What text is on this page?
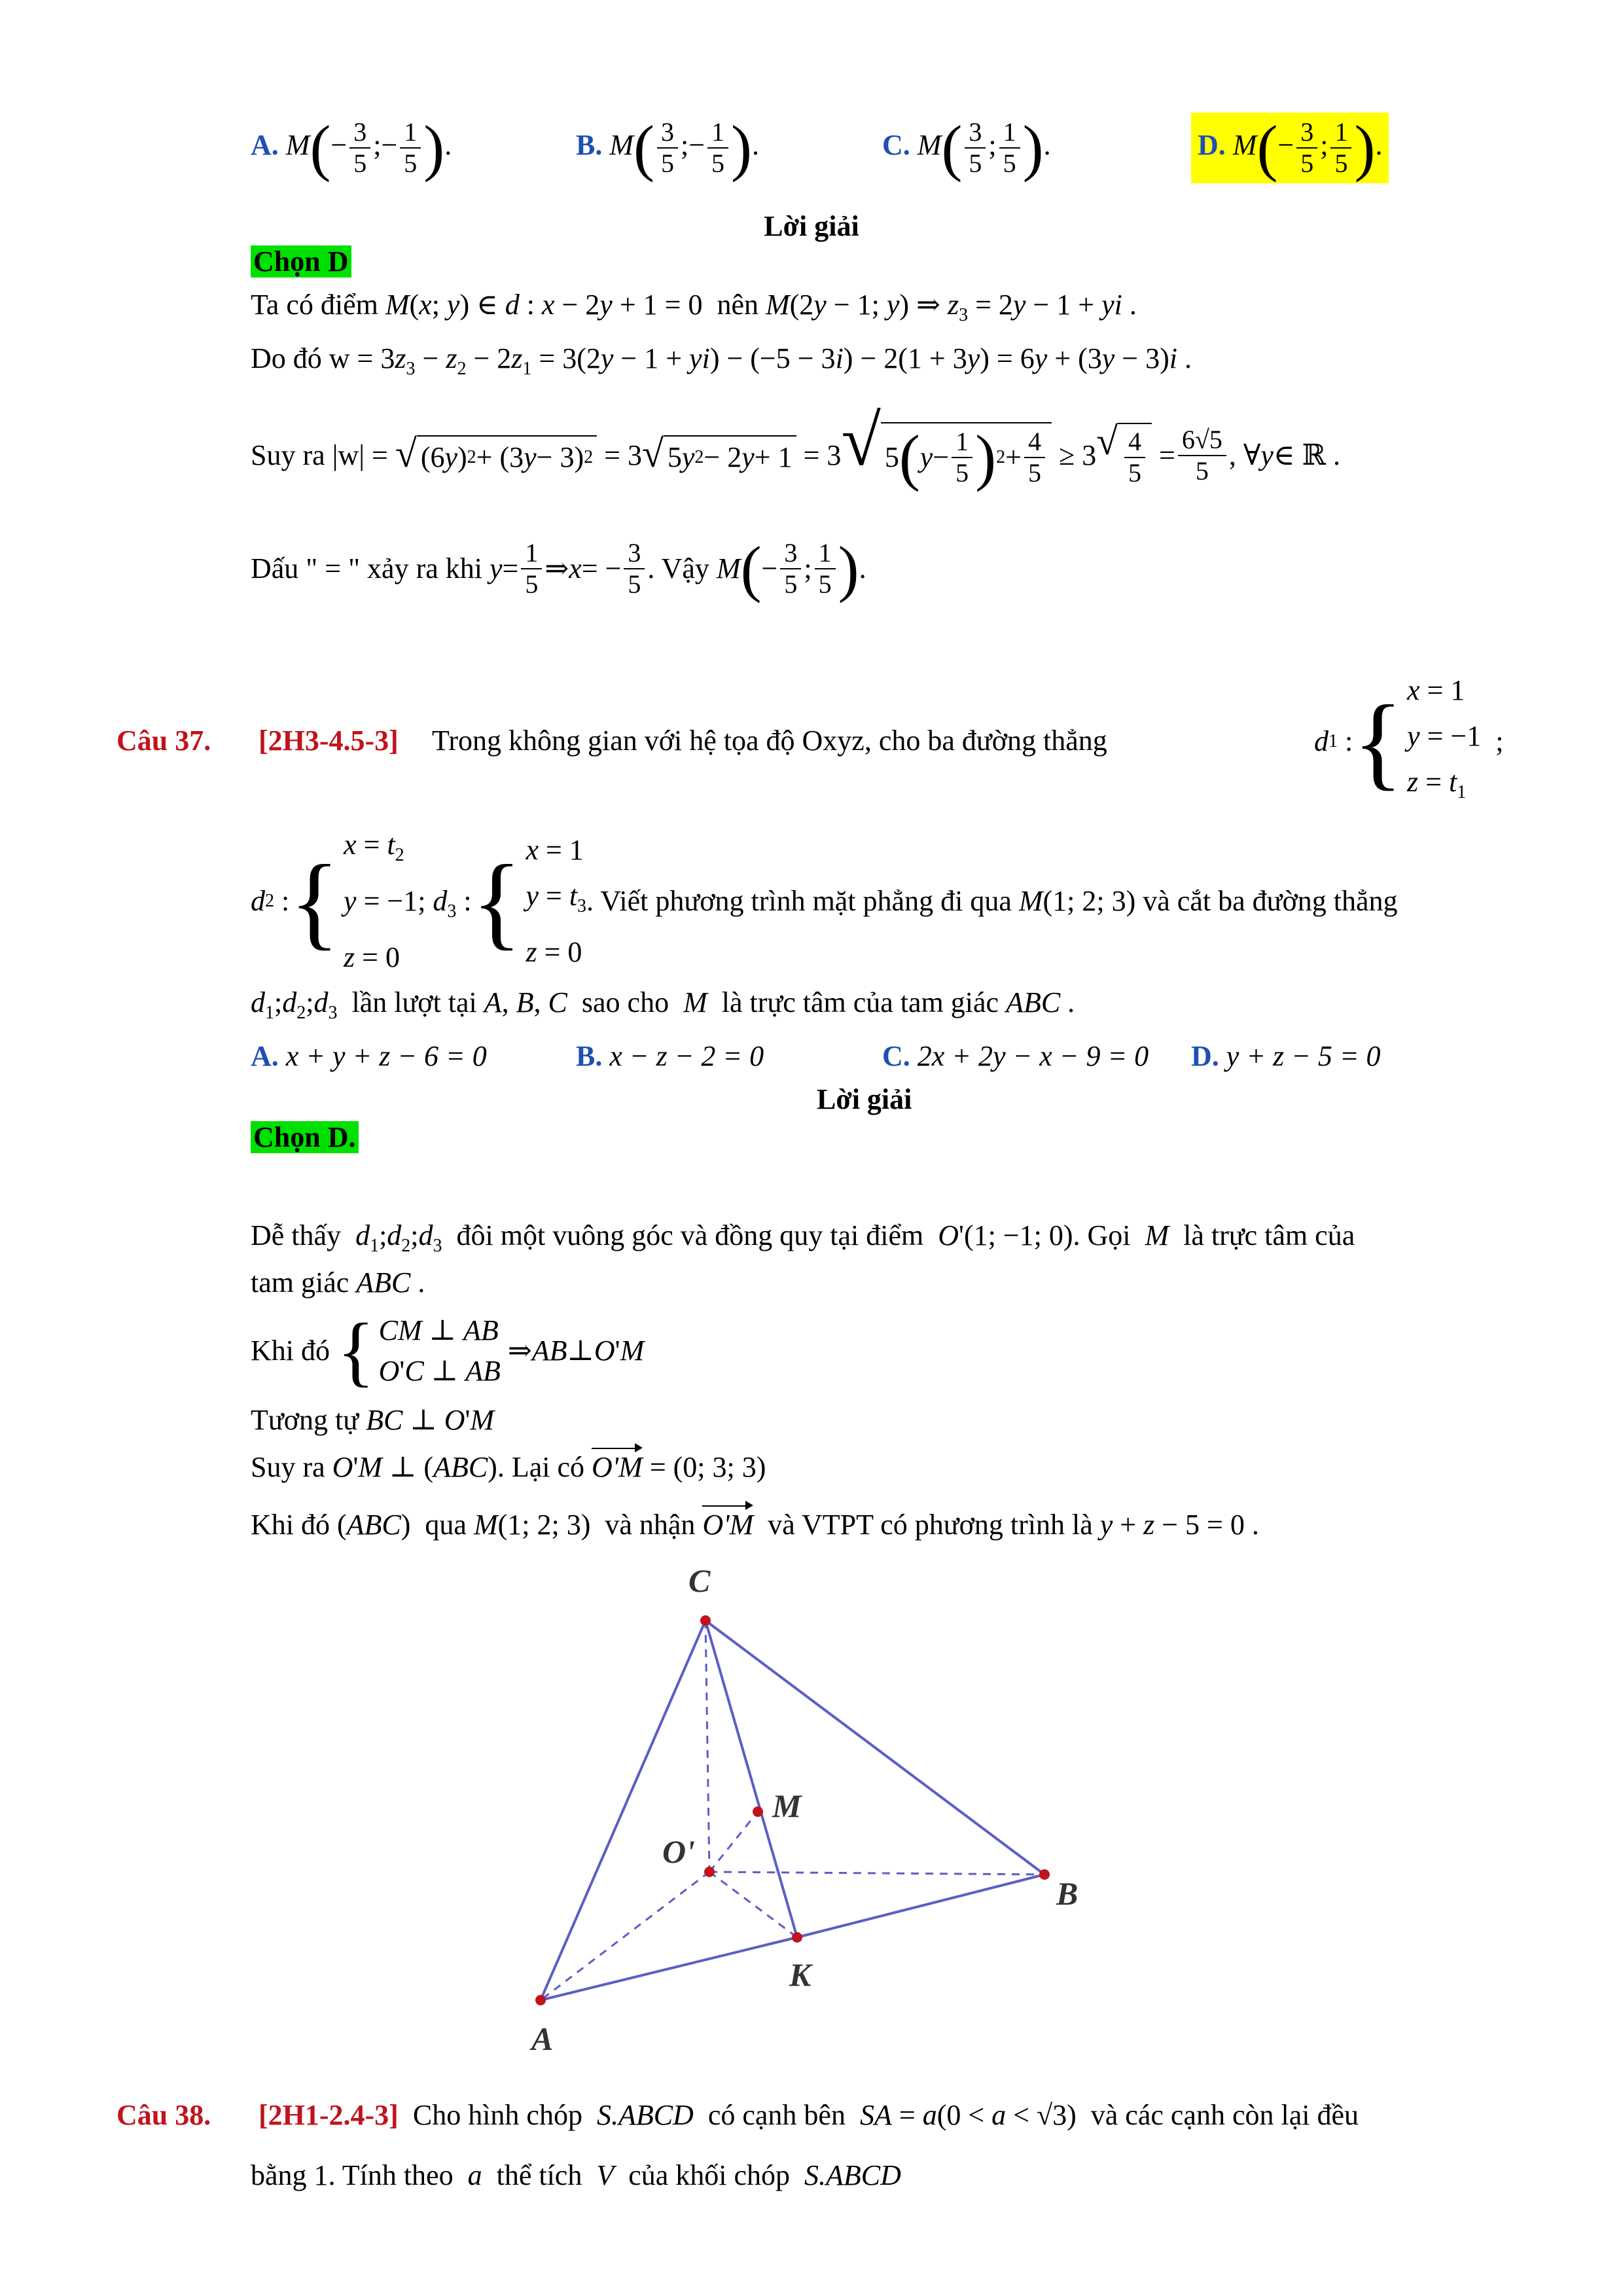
A. $M(- \frac{3}{5}$ ;− $\frac{1}{5}$ ).	B. $M( \frac{3}{5}$ ;− $\frac{1}{5}$ ).	C. $M( \frac{3}{5}$ ; $\frac{1}{5}$ ).	D. $M(- \frac{3}{5}$ ; $\frac{1}{5}$ ).
Lời giải
Chọn D
Ta có điểm M(x; y) ∈ d : x − 2y + 1 = 0  nên M(2y − 1; y) ⇒ $z_3 = 2y - 1$ + yi .
Do đó $w = 3z_3 - z_2 - 2z_1 = 3(2y - 1 + yi) - (-5 - 3i) - 2(1 + 3y) = 6y + (3y - 3)i$ .
Suy ra |w| = √ (6 y ) 2 + (3 y − 3) 2 = 3 √ 5 y 2 − 2 y + 1 = 3 √ 5 ( $y - \frac{1}{5}$ ) $2 + \frac{4}{5} \ge 3$ √ $\frac{4}{5} = \frac{6√5}{5}$ , ∀ y ∈ ℝ .
Dấu " = " xảy ra khi
$y = \frac{1}{5}$ ⇒ x = − $\frac{3}{5}$ . Vậy
M ( − $\frac{3}{5}$ ; $\frac{1}{5}$ ) .
Câu 37. [2H3-4.5-3] Trong không gian với hệ tọa độ Oxyz, cho ba đường thẳng	d 1 : { x = 1
y = −1
$z = t_1$
;
d 2 : { $x = t_2$
y = −1; $d_3$ :
z = 0 { x = 1
$y = t_3$
z = 0
. Viết phương trình mặt phẳng đi qua
M (1; 2; 3) và cắt ba đường thẳng
$d_1;d_2;d_3$ lần lượt tại A, B, C sao cho M là trực tâm của tam giác ABC .
A. x + y + z − 6 = 0	B. x − z − 2 = 0	C. 2x + 2y − x − 9 = 0 D. y + z − 5 = 0
Lời giải
Chọn D.
Dễ thấy $d_1;d_2;d_3$ đôi một vuông góc và đồng quy tại điểm O'(1; −1; 0). Gọi M là trực tâm của
tam giác ABC .
Khi đó
{ CM ⊥ AB
O'C ⊥ AB
⇒ AB ⊥ O ' M
Tương tự BC ⊥ O'M
Suy ra O'M ⊥ (ABC). Lại có O'M = (0; 3; 3)
Khi đó (ABC)  qua M(1; 2; 3)  và nhận O'M và VTPT có phương trình là y + z − 5 = 0 .
C
M
O'
B
K
A
Câu 38. [2H1-2.4-3] Cho hình chóp S.ABCD có cạnh bên SA = a(0 < a < √3)  và các cạnh còn lại đều
bằng 1. Tính theo a thể tích V của khối chóp S.ABCD
